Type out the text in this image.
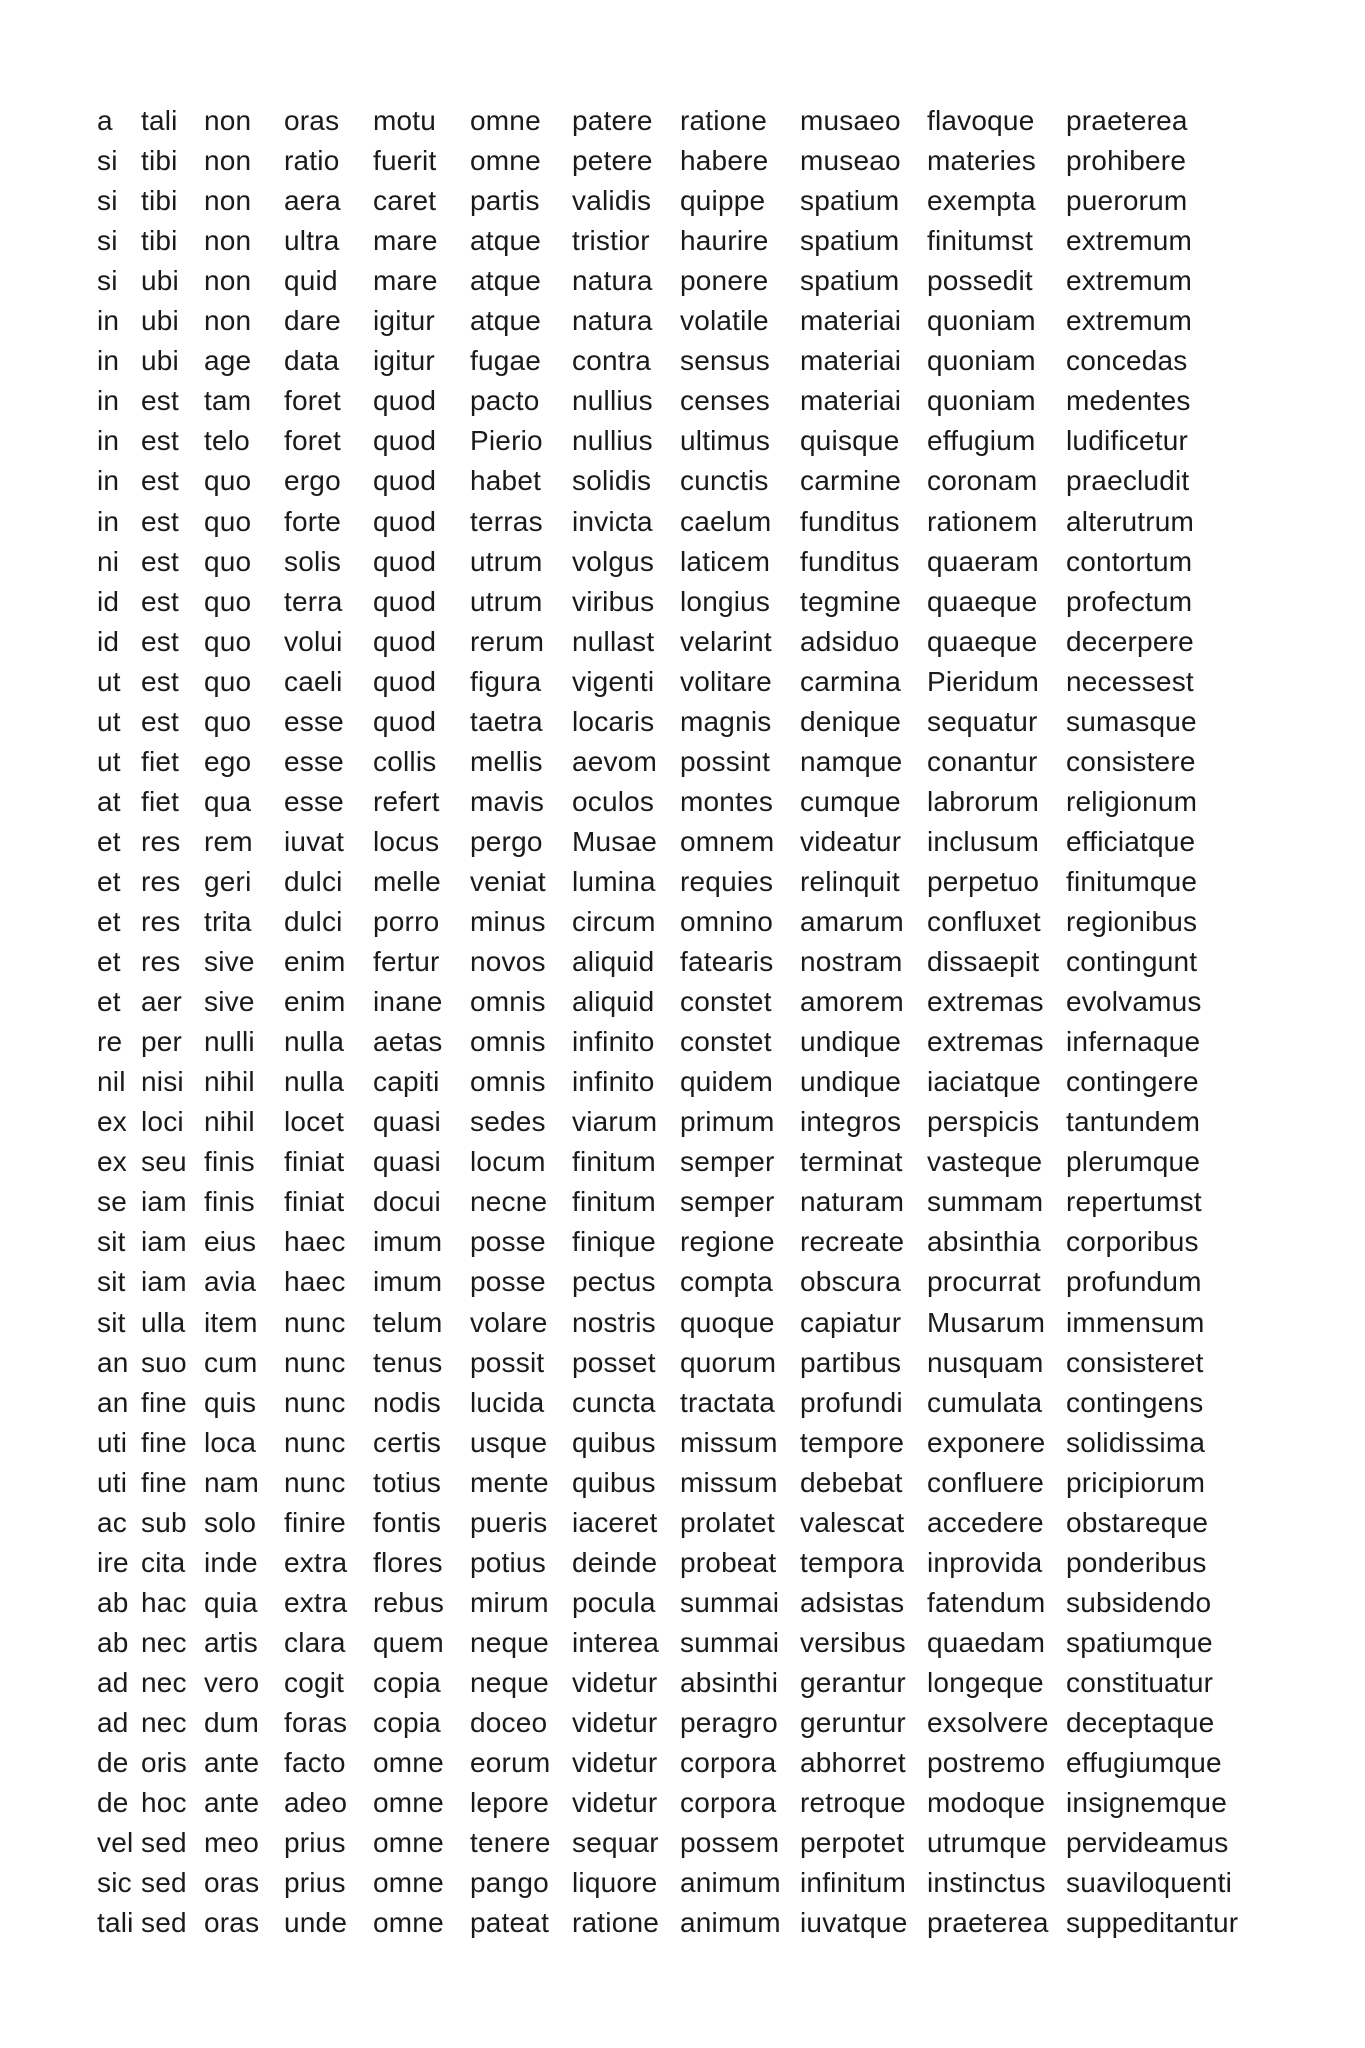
a tali non oras motu omne patere ratione musaeo flavoque praeterea
si tibi non ratio fuerit omne petere habere museao materies prohibere
si tibi non aera caret partis validis quippe spatium exempta puerorum
si tibi non ultra mare atque tristior haurire spatium finitumst extremum
si ubi non quid mare atque natura ponere spatium possedit extremum
in ubi non dare igitur atque natura volatile materiai quoniam extremum
in ubi age data igitur fugae contra sensus materiai quoniam concedas
in est tam foret quod pacto nullius censes materiai quoniam medentes
in est telo foret quod Pierio nullius ultimus quisque effugium ludificetur
in est quo ergo quod habet solidis cunctis carmine coronam praecludit
in est quo forte quod terras invicta caelum funditus rationem alterutrum
ni est quo solis quod utrum volgus laticem funditus quaeram contortum
id est quo terra quod utrum viribus longius tegmine quaeque profectum
id est quo volui quod rerum nullast velarint adsiduo quaeque decerpere
ut est quo caeli quod figura vigenti volitare carmina Pieridum necessest
ut est quo esse quod taetra locaris magnis denique sequatur sumasque
ut fiet ego esse collis mellis aevom possint namque conantur consistere
at fiet qua esse refert mavis oculos montes cumque labrorum religionum
et res rem iuvat locus pergo Musae omnem videatur inclusum efficiatque
et res geri dulci melle veniat lumina requies relinquit perpetuo finitumque
et res trita dulci porro minus circum omnino amarum confluxet regionibus
et res sive enim fertur novos aliquid fatearis nostram dissaepit contingunt
et aer sive enim inane omnis aliquid constet amorem extremas evolvamus
re per nulli nulla aetas omnis infinito constet undique extremas infernaque
nil nisi nihil nulla capiti omnis infinito quidem undique iaciatque contingere
ex loci nihil locet quasi sedes viarum primum integros perspicis tantundem
ex seu finis finiat quasi locum finitum semper terminat vasteque plerumque
se iam finis finiat docui necne finitum semper naturam summam repertumst
sit iam eius haec imum posse finique regione recreate absinthia corporibus
sit iam avia haec imum posse pectus compta obscura procurrat profundum
sit ulla item nunc telum volare nostris quoque capiatur Musarum immensum
an suo cum nunc tenus possit posset quorum partibus nusquam consisteret
an fine quis nunc nodis lucida cuncta tractata profundi cumulata contingens
uti fine loca nunc certis usque quibus missum tempore exponere solidissima
uti fine nam nunc totius mente quibus missum debebat confluere pricipiorum
ac sub solo finire fontis pueris iaceret prolatet valescat accedere obstareque
ire cita inde extra flores potius deinde probeat tempora inprovida ponderibus
ab hac quia extra rebus mirum pocula summai adsistas fatendum subsidendo
ab nec artis clara quem neque interea summai versibus quaedam spatiumque
ad nec vero cogit copia neque videtur absinthi gerantur longeque constituatur
ad nec dum foras copia doceo videtur peragro geruntur exsolvere deceptaque
de oris ante facto omne eorum videtur corpora abhorret postremo effugiumque
de hoc ante adeo omne lepore videtur corpora retroque modoque insignemque
vel sed meo prius omne tenere sequar possem perpotet utrumque pervideamus
sic sed oras prius omne pango liquore animum infinitum instinctus suaviloquenti
tali sed oras unde omne pateat ratione animum iuvatque praeterea suppeditantur
